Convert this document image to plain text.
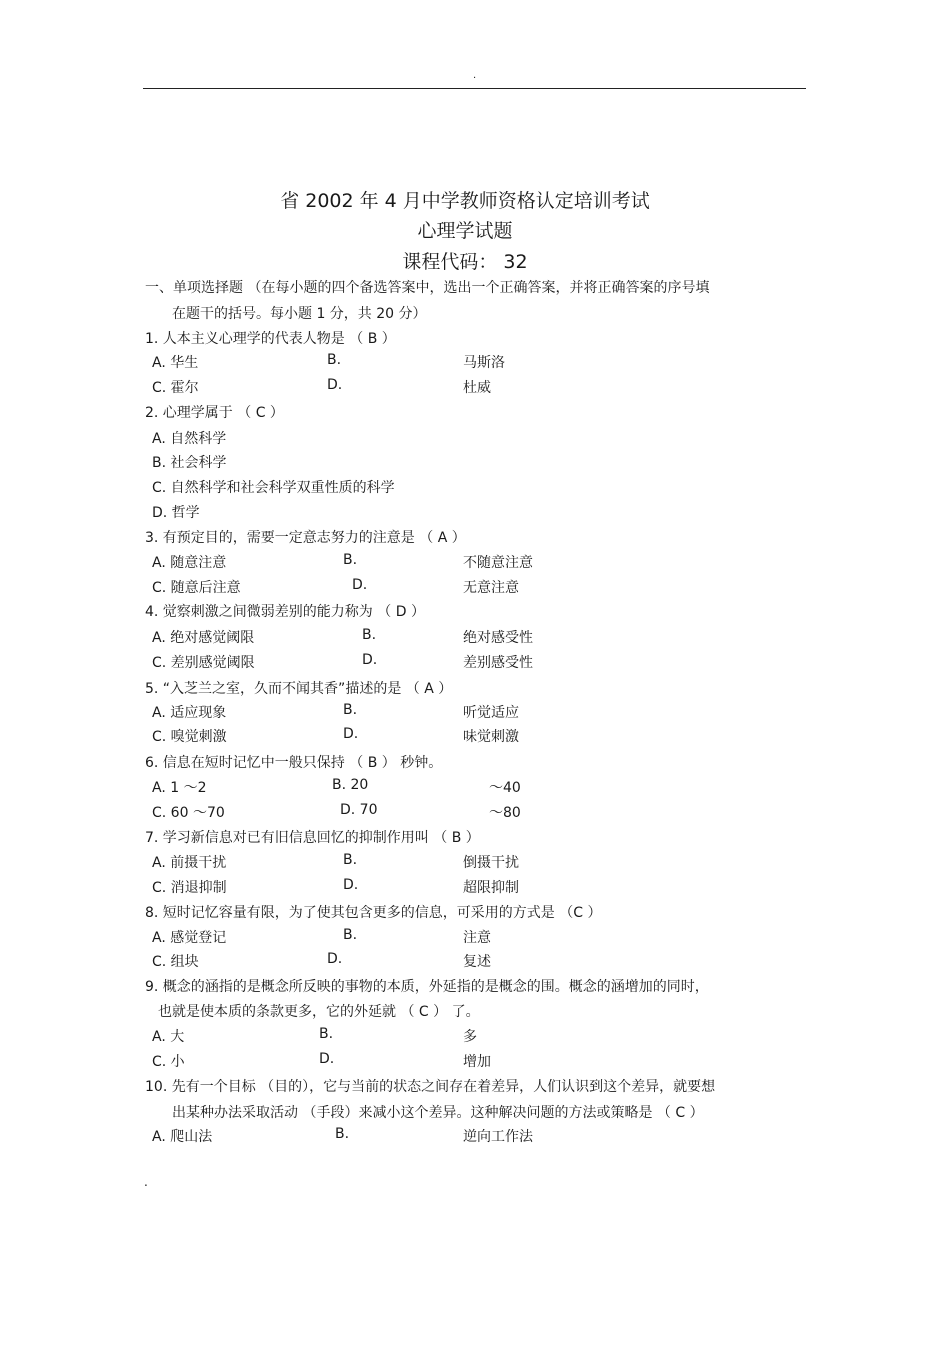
.
省 2002 年 4 月中学教师资格认定培训考试
心理学试题
课程代码： 32
一、单项选择题 （在每小题的四个备选答案中，选出一个正确答案，并将正确答案的序号填
在题干的括号。每小题 1 分，共 20 分）
1. 人本主义心理学的代表人物是 （ B ）
A. 华生	B.	马斯洛
C. 霍尔	D.	杜威
2. 心理学属于 （ C ）
A. 自然科学
B. 社会科学
C. 自然科学和社会科学双重性质的科学
D. 哲学
3. 有预定目的，需要一定意志努力的注意是 （ A ）
A. 随意注意	B.	不随意注意
C. 随意后注意	D.	无意注意
4. 觉察刺激之间微弱差别的能力称为 （ D ）
A. 绝对感觉阈限	B.	绝对感受性
C. 差别感觉阈限	D.	差别感受性
5. “入芝兰之室，久而不闻其香”描述的是 （ A ）
A. 适应现象	B.	听觉适应
C. 嗅觉刺激	D.	味觉刺激
6. 信息在短时记忆中一般只保持 （ B ） 秒钟。
A. 1 ～2	B. 20	～40
C. 60 ～70	D. 70	～80
7. 学习新信息对已有旧信息回忆的抑制作用叫 （ B ）
A. 前摄干扰	B.	倒摄干扰
C. 消退抑制	D.	超限抑制
8. 短时记忆容量有限，为了使其包含更多的信息，可采用的方式是 （C ）
A. 感觉登记	B.	注意
C. 组块	D.	复述
9. 概念的涵指的是概念所反映的事物的本质，外延指的是概念的围。概念的涵增加的同时，
也就是使本质的条款更多，它的外延就 （ C ） 了。
A. 大	B.	多
C. 小	D.	增加
10. 先有一个目标 （目的），它与当前的状态之间存在着差异，人们认识到这个差异，就要想
出某种办法采取活动 （手段）来减小这个差异。这种解决问题的方法或策略是 （ C ）
A. 爬山法	B.	逆向工作法
.
